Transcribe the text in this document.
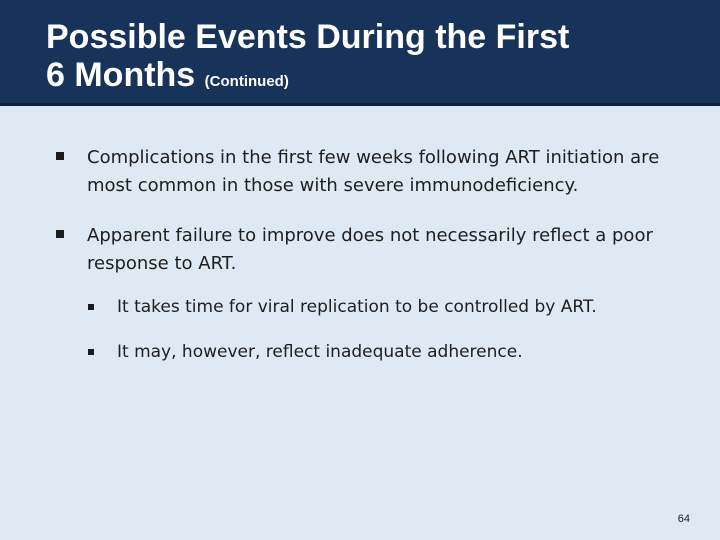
Possible Events During the First
6 Months (Continued)
Complications in the first few weeks following ART initiation are most common in those with severe immunodeficiency.
Apparent failure to improve does not necessarily reflect a poor response to ART.
It takes time for viral replication to be controlled by ART.
It may, however, reflect inadequate adherence.
64
